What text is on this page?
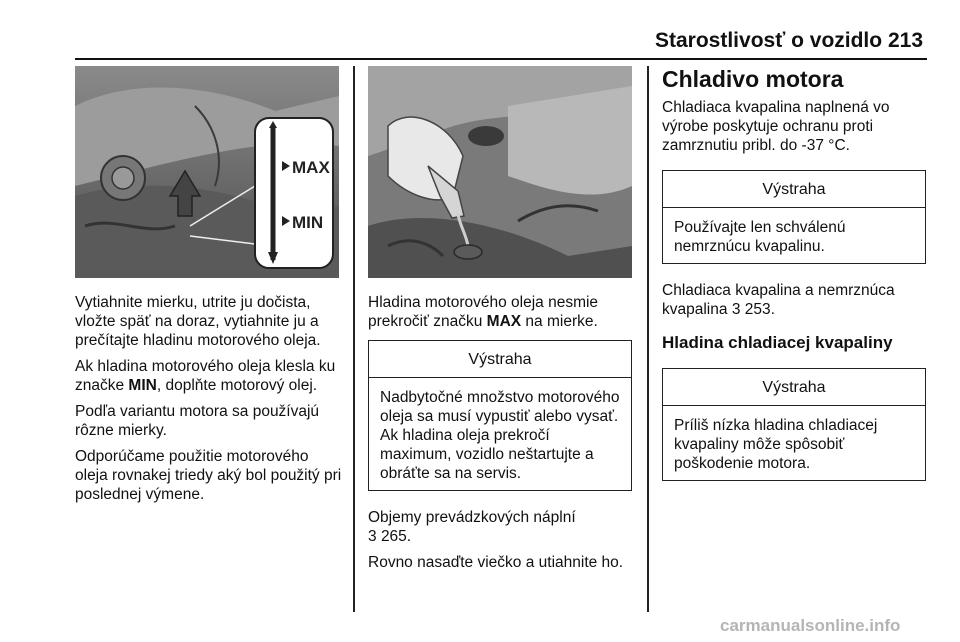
Starostlivosť o vozidlo 213
MAX
MIN

Vytiahnite mierku, utrite ju dočista, vložte späť na doraz, vytiahnite ju a prečítajte hladinu motorového oleja.

Ak hladina motorového oleja klesla ku značke MIN, doplňte motorový olej.

Podľa variantu motora sa používajú rôzne mierky.

Odporúčame použitie motorového oleja rovnakej triedy aký bol použitý pri poslednej výmene.

Hladina motorového oleja nesmie prekročiť značku MAX na mierke.

Výstraha
Nadbytočné množstvo motorového oleja sa musí vypustiť alebo vysať. Ak hladina oleja prekročí maximum, vozidlo neštartujte a obráťte sa na servis.

Objemy prevádzkových náplní
3 265.

Rovno nasaďte viečko a utiahnite ho.

Chladivo motora

Chladiaca kvapalina naplnená vo výrobe poskytuje ochranu proti zamrznutiu pribl. do -37 °C.

Výstraha
Používajte len schválenú nemrznúcu kvapalinu.

Chladiaca kvapalina a nemrznúca kvapalina 3 253.

Hladina chladiacej kvapaliny
Výstraha
Príliš nízka hladina chladiacej kvapaliny môže spôsobiť poškodenie motora.
carmanualsonline.info
